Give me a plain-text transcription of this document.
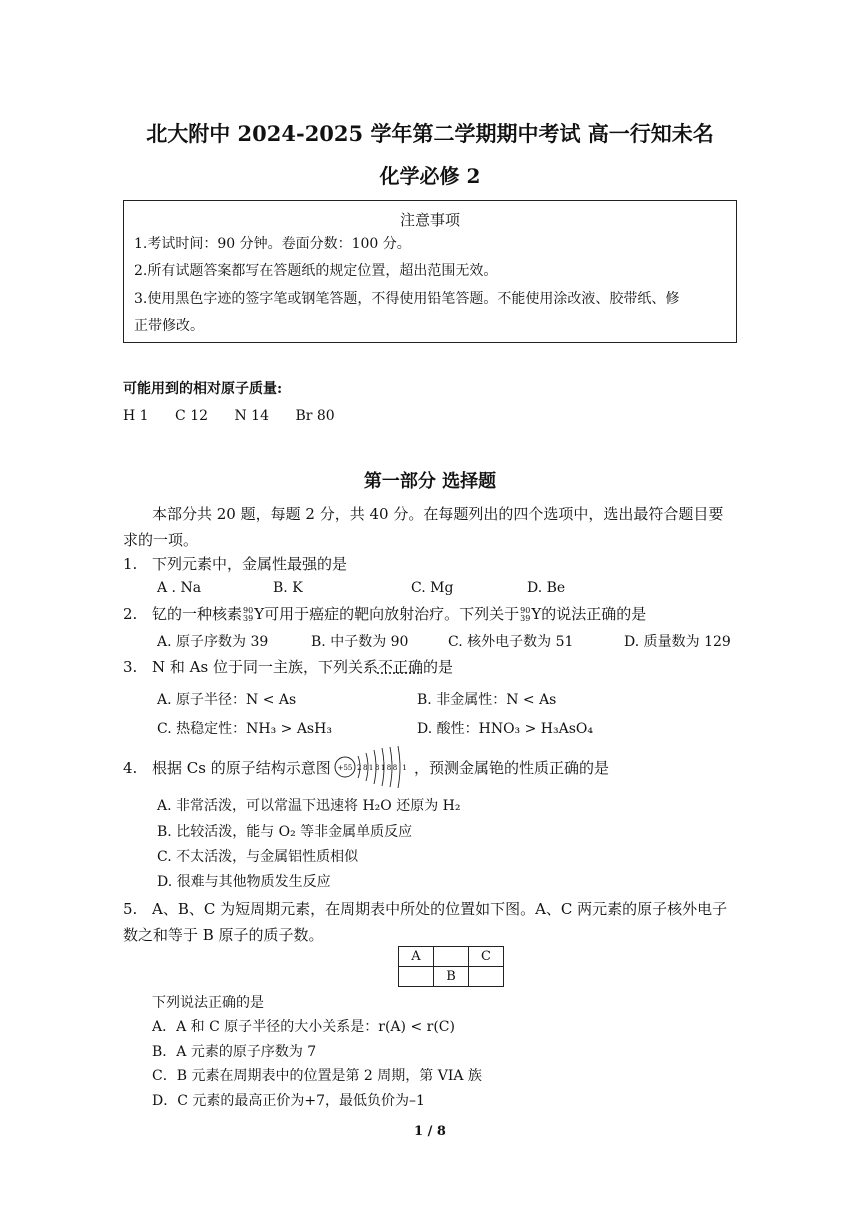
北大附中 2024-2025 学年第二学期期中考试 高一行知未名
化学必修 2
注意事项
1.考试时间：90 分钟。卷面分数：100 分。
2.所有试题答案都写在答题纸的规定位置，超出范围无效。
3.使用黑色字迹的签字笔或钢笔答题，不得使用铅笔答题。不能使用涂改液、胶带纸、修
正带修改。
可能用到的相对原子质量:
H 1 C 12 N 14 Br 80
第一部分 选择题
本部分共 20 题，每题 2 分，共 40 分。在每题列出的四个选项中，选出最符合题目要
求的一项。
1. 下列元素中，金属性最强的是
A . Na	B. K	C. Mg	D. Be
2. 钇的一种核素90
39Y可用于癌症的靶向放射治疗。下列关于90
39Y的说法正确的是
A. 原子序数为 39	B. 中子数为 90	C. 核外电子数为 51	D. 质量数为 129
3. N 和 As 位于同一主族，下列关系不正确的是
A. 原子半径：N < As	B. 非金属性：N < As
C. 热稳定性：NH₃ > AsH₃	D. 酸性：HNO₃ > H₃AsO₄
4. 根据 Cs 的原子结构示意图 +55 2818188 1 ，预测金属铯的性质正确的是
A. 非常活泼，可以常温下迅速将 H₂O 还原为 H₂
B. 比较活泼，能与 O₂ 等非金属单质反应
C. 不太活泼，与金属铝性质相似
D. 很难与其他物质发生反应
5. A、B、C 为短周期元素，在周期表中所处的位置如下图。A、C 两元素的原子核外电子
数之和等于 B 原子的质子数。
A		C
	B	
下列说法正确的是
A．A 和 C 原子半径的大小关系是：r(A) < r(C)
B．A 元素的原子序数为 7
C．B 元素在周期表中的位置是第 2 周期，第 VIA 族
D．C 元素的最高正价为+7，最低负价为–1
1 / 8
